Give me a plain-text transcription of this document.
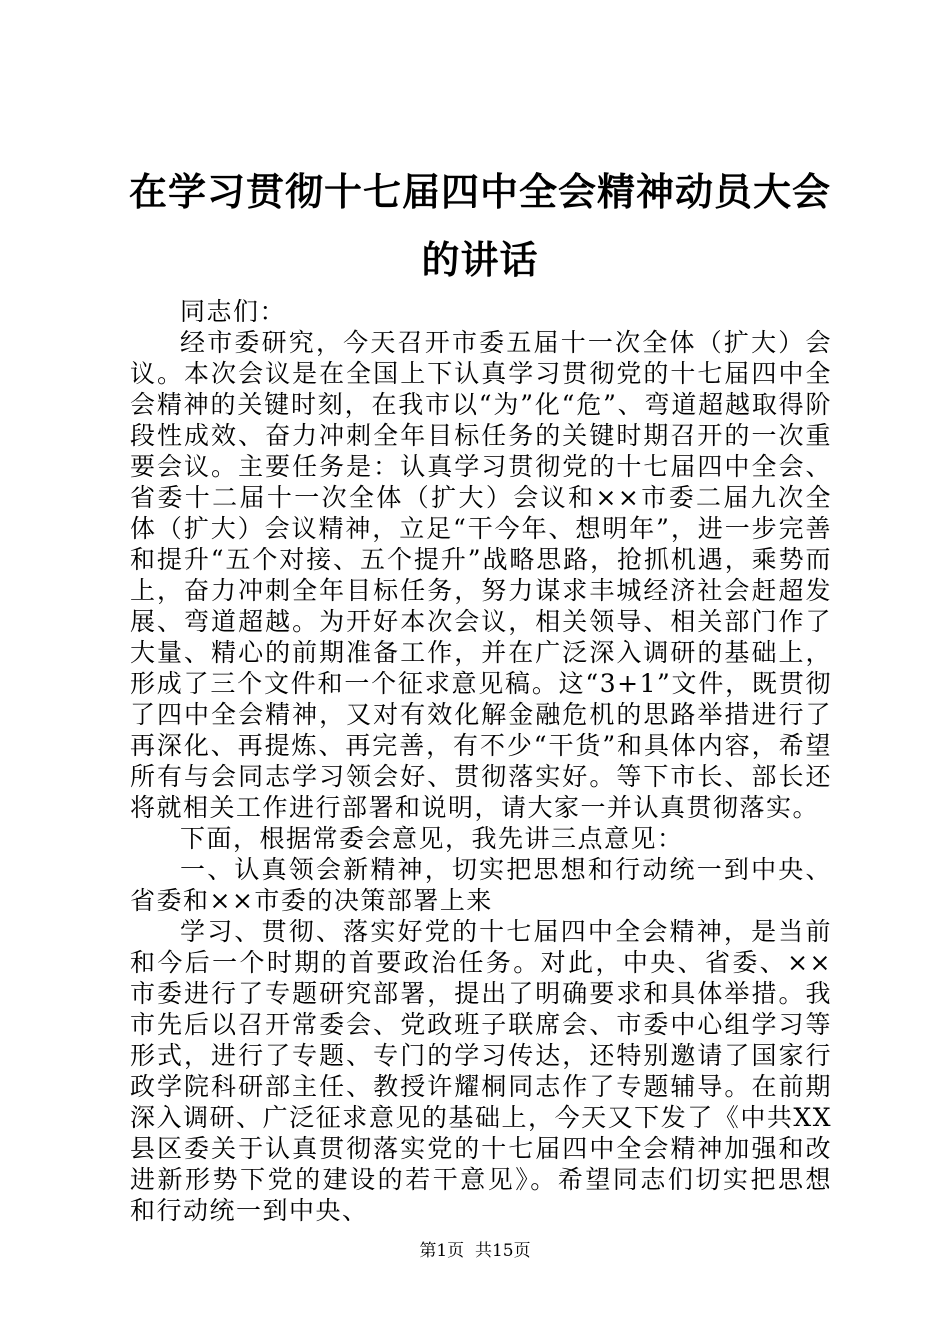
在学习贯彻十七届四中全会精神动员大会的讲话

同志们：

经市委研究，今天召开市委五届十一次全体（扩大）会议。本次会议是在全国上下认真学习贯彻党的十七届四中全会精神的关键时刻，在我市以“为”化“危”、弯道超越取得阶段性成效、奋力冲刺全年目标任务的关键时期召开的一次重要会议。主要任务是：认真学习贯彻党的十七届四中全会、省委十二届十一次全体（扩大）会议和××市委二届九次全体（扩大）会议精神，立足“干今年、想明年”，进一步完善和提升“五个对接、五个提升”战略思路，抢抓机遇，乘势而上，奋力冲刺全年目标任务，努力谋求丰城经济社会赶超发展、弯道超越。为开好本次会议，相关领导、相关部门作了大量、精心的前期准备工作，并在广泛深入调研的基础上，形成了三个文件和一个征求意见稿。这“3+1”文件，既贯彻了四中全会精神，又对有效化解金融危机的思路举措进行了再深化、再提炼、再完善，有不少“干货”和具体内容，希望所有与会同志学习领会好、贯彻落实好。等下市长、部长还将就相关工作进行部署和说明，请大家一并认真贯彻落实。

下面，根据常委会意见，我先讲三点意见：

一、认真领会新精神，切实把思想和行动统一到中央、省委和××市委的决策部署上来

学习、贯彻、落实好党的十七届四中全会精神，是当前和今后一个时期的首要政治任务。对此，中央、省委、××市委进行了专题研究部署，提出了明确要求和具体举措。我市先后以召开常委会、党政班子联席会、市委中心组学习等形式，进行了专题、专门的学习传达，还特别邀请了国家行政学院科研部主任、教授许耀桐同志作了专题辅导。在前期深入调研、广泛征求意见的基础上，今天又下发了《中共XX县区委关于认真贯彻落实党的十七届四中全会精神加强和改进新形势下党的建设的若干意见》。希望同志们切实把思想和行动统一到中央、

第1页  共15页
